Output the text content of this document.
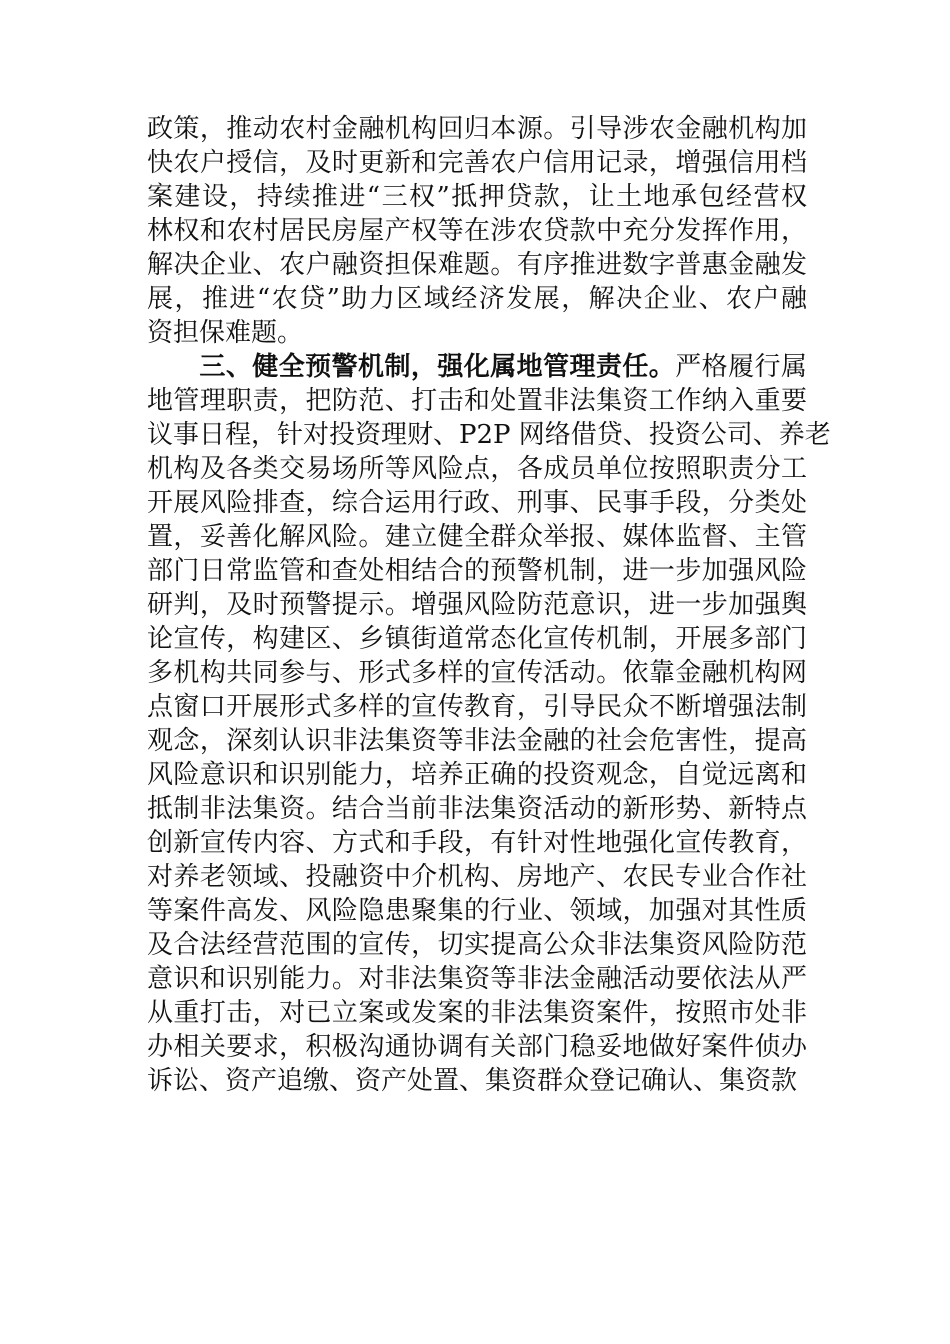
政策，推动农村金融机构回归本源。引导涉农金融机构加
快农户授信，及时更新和完善农户信用记录，增强信用档
案建设，持续推进“三权”抵押贷款，让土地承包经营权
林权和农村居民房屋产权等在涉农贷款中充分发挥作用，
解决企业、农户融资担保难题。有序推进数字普惠金融发
展，推进“农贷”助力区域经济发展，解决企业、农户融
资担保难题。
  三、健全预警机制，强化属地管理责任。严格履行属
地管理职责，把防范、打击和处置非法集资工作纳入重要
议事日程，针对投资理财、P2P 网络借贷、投资公司、养老
机构及各类交易场所等风险点，各成员单位按照职责分工
开展风险排查，综合运用行政、刑事、民事手段，分类处
置，妥善化解风险。建立健全群众举报、媒体监督、主管
部门日常监管和查处相结合的预警机制，进一步加强风险
研判，及时预警提示。增强风险防范意识，进一步加强舆
论宣传，构建区、乡镇街道常态化宣传机制，开展多部门
多机构共同参与、形式多样的宣传活动。依靠金融机构网
点窗口开展形式多样的宣传教育，引导民众不断增强法制
观念，深刻认识非法集资等非法金融的社会危害性，提高
风险意识和识别能力，培养正确的投资观念，自觉远离和
抵制非法集资。结合当前非法集资活动的新形势、新特点
创新宣传内容、方式和手段，有针对性地强化宣传教育，
对养老领域、投融资中介机构、房地产、农民专业合作社
等案件高发、风险隐患聚集的行业、领域，加强对其性质
及合法经营范围的宣传，切实提高公众非法集资风险防范
意识和识别能力。对非法集资等非法金融活动要依法从严
从重打击，对已立案或发案的非法集资案件，按照市处非
办相关要求，积极沟通协调有关部门稳妥地做好案件侦办
诉讼、资产追缴、资产处置、集资群众登记确认、集资款
